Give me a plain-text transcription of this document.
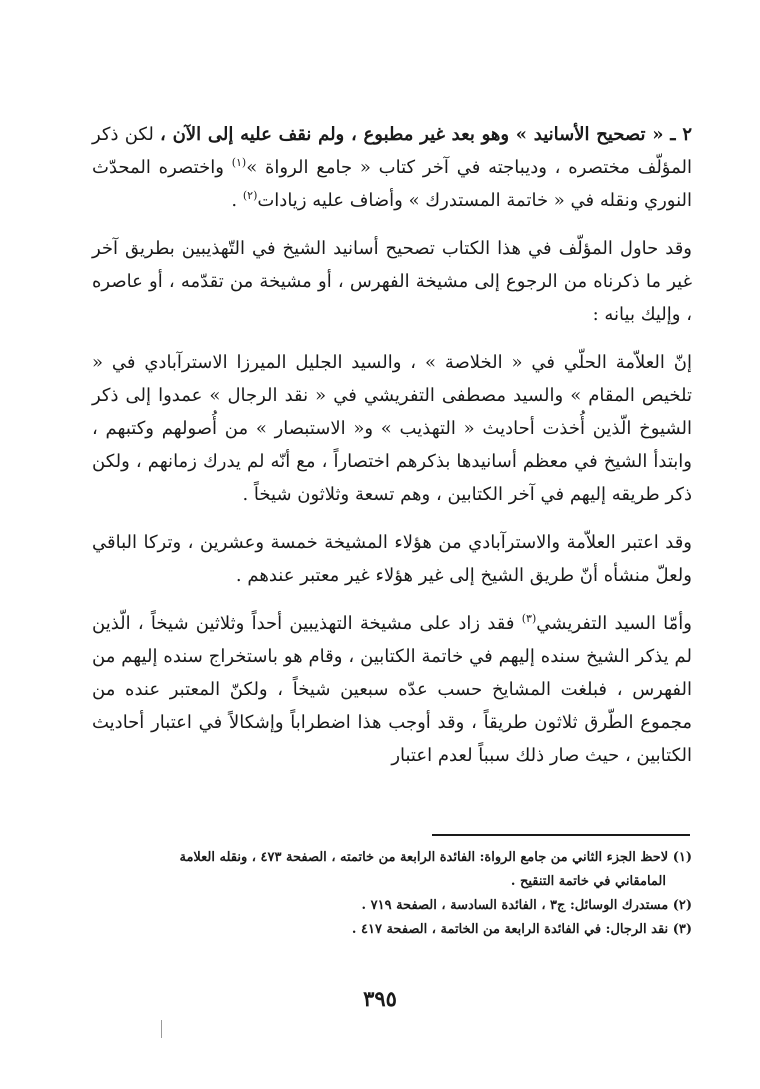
٢ ـ « تصحيح الأسانيد » وهو بعد غير مطبوع ، ولم نقف عليه إلى الآن ، لكن ذكر المؤلّف مختصره ، وديباجته في آخر كتاب « جامع الرواة »$^{(١)}$ واختصره المحدّث النوري ونقله في « خاتمة المستدرك » وأضاف عليه زيادات$^{(٢)}$ .

وقد حاول المؤلّف في هذا الكتاب تصحيح أسانيد الشيخ في التّهذيبين بطريق آخر غير ما ذكرناه من الرجوع إلى مشيخة الفهرس ، أو مشيخة من تقدّمه ، أو عاصره ، وإليك بيانه :

إنّ العلاّمة الحلّي في « الخلاصة » ، والسيد الجليل الميرزا الاسترآبادي في « تلخيص المقام » والسيد مصطفى التفريشي في « نقد الرجال » عمدوا إلى ذكر الشيوخ الّذين أُخذت أحاديث « التهذيب » و« الاستبصار » من أُصولهم وكتبهم ، وابتدأ الشيخ في معظم أسانيدها بذكرهم اختصاراً ، مع أنّه لم يدرك زمانهم ، ولكن ذكر طريقه إليهم في آخر الكتابين ، وهم تسعة وثلاثون شيخاً .

وقد اعتبر العلاّمة والاسترآبادي من هؤلاء المشيخة خمسة وعشرين ، وتركا الباقي ولعلّ منشأه أنّ طريق الشيخ إلى غير هؤلاء غير معتبر عندهم .

وأمّا السيد التفريشي$^{(٣)}$ فقد زاد على مشيخة التهذيبين أحداً وثلاثين شيخاً ، الّذين لم يذكر الشيخ سنده إليهم في خاتمة الكتابين ، وقام هو باستخراج سنده إليهم من الفهرس ، فبلغت المشايخ حسب عدّه سبعين شيخاً ، ولكنّ المعتبر عنده من مجموع الطّرق ثلاثون طريقاً ، وقد أوجب هذا اضطراباً وإشكالاً في اعتبار أحاديث الكتابين ، حيث صار ذلك سبباً لعدم اعتبار

(١) لاحظ الجزء الثاني من جامع الرواة: الفائدة الرابعة من خاتمته ، الصفحة ٤٧٣ ، ونقله العلامة

المامقاني في خاتمة التنقيح .

(٢) مستدرك الوسائل: ج٣ ، الفائدة السادسة ، الصفحة ٧١٩ .

(٣) نقد الرجال: في الفائدة الرابعة من الخاتمة ، الصفحة ٤١٧ .

٣٩٥
